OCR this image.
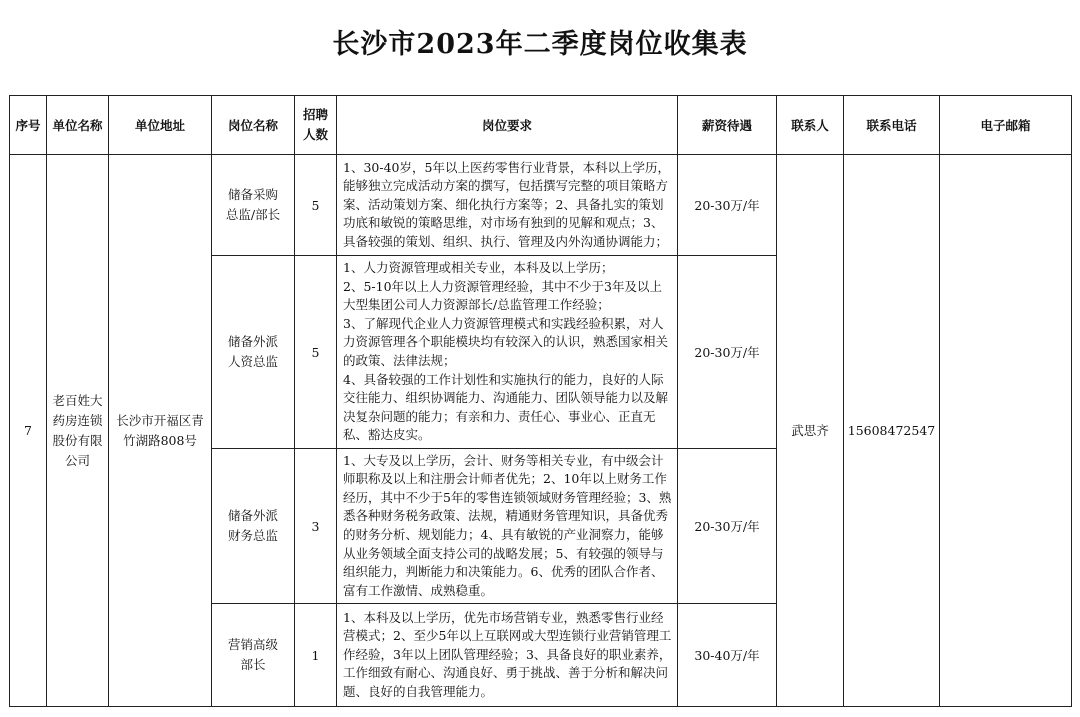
长沙市2023年二季度岗位收集表
序号	单位名称	单位地址	岗位名称	招聘人数	岗位要求	薪资待遇	联系人	联系电话	电子邮箱
7	老百姓大药房连锁股份有限公司	长沙市开福区青竹湖路808号	储备采购总监/部长	5	1、30-40岁，5年以上医药零售行业背景，本科以上学历，能够独立完成活动方案的撰写，包括撰写完整的项目策略方案、活动策划方案、细化执行方案等；2、具备扎实的策划功底和敏锐的策略思维，对市场有独到的见解和观点；3、具备较强的策划、组织、执行、管理及内外沟通协调能力；	20-30万/年	武思齐	15608472547	
			储备外派人资总监	5	1、人力资源管理或相关专业，本科及以上学历；
2、5-10年以上人力资源管理经验，其中不少于3年及以上大型集团公司人力资源部长/总监管理工作经验；
3、了解现代企业人力资源管理模式和实践经验积累，对人力资源管理各个职能模块均有较深入的认识，熟悉国家相关的政策、法律法规；
4、具备较强的工作计划性和实施执行的能力，良好的人际交往能力、组织协调能力、沟通能力、团队领导能力以及解决复杂问题的能力；有亲和力、责任心、事业心、正直无私、豁达皮实。	20-30万/年			
			储备外派财务总监	3	1、大专及以上学历，会计、财务等相关专业，有中级会计师职称及以上和注册会计师者优先；2、10年以上财务工作经历，其中不少于5年的零售连锁领域财务管理经验；3、熟悉各种财务税务政策、法规，精通财务管理知识，具备优秀的财务分析、规划能力；4、具有敏锐的产业洞察力，能够从业务领域全面支持公司的战略发展；5、有较强的领导与组织能力，判断能力和决策能力。6、优秀的团队合作者、富有工作激情、成熟稳重。	20-30万/年			
			营销高级部长	1	1、本科及以上学历，优先市场营销专业，熟悉零售行业经营模式；2、至少5年以上互联网或大型连锁行业营销管理工作经验，3年以上团队管理经验；3、具备良好的职业素养，工作细致有耐心、沟通良好、勇于挑战、善于分析和解决问题、良好的自我管理能力。	30-40万/年			
